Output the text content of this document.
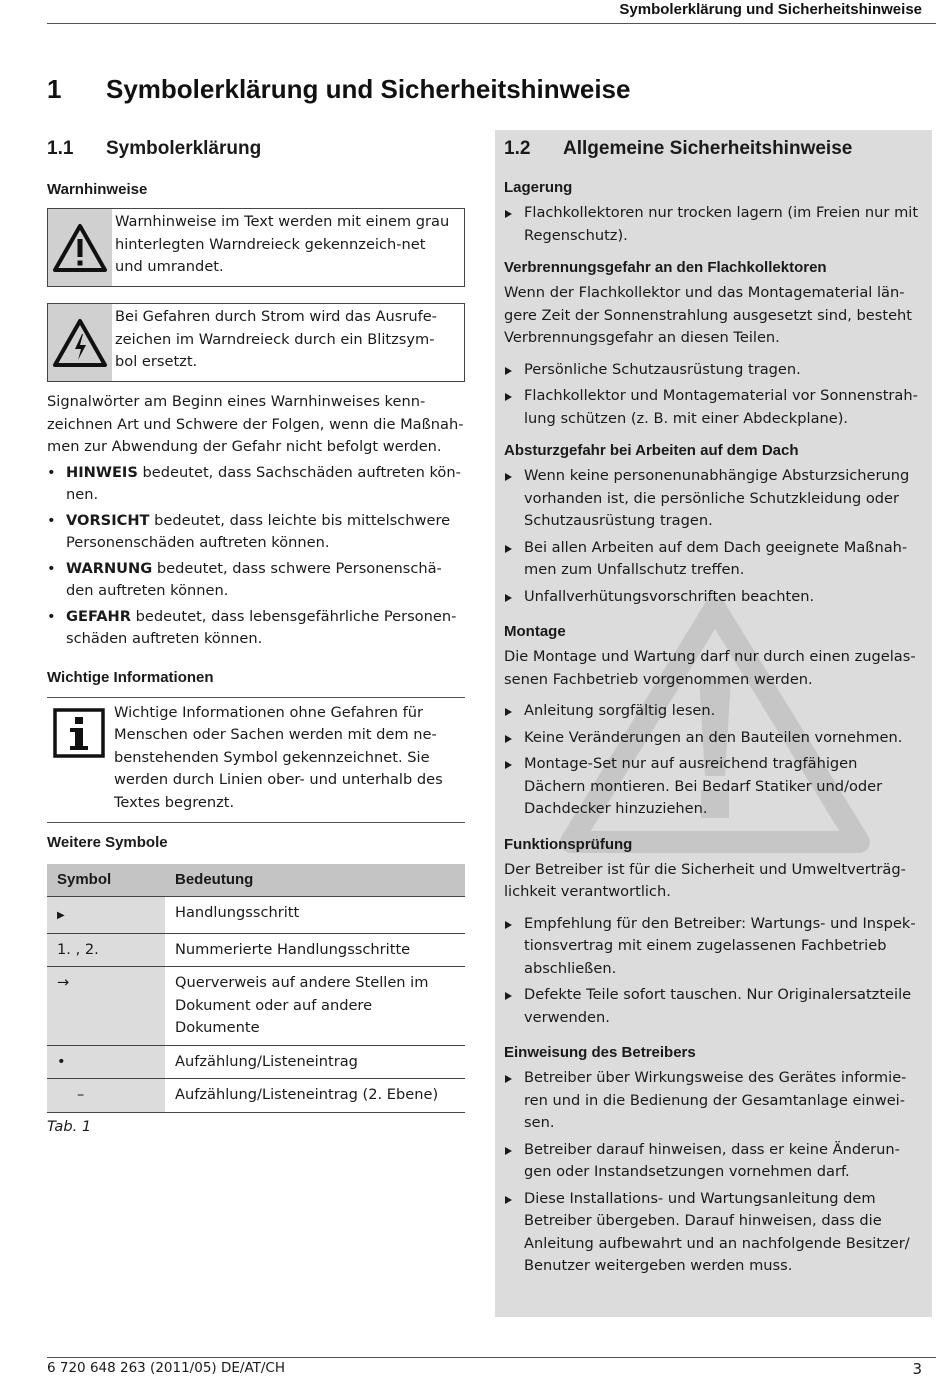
Symbolerklärung und Sicherheitshinweise
1 Symbolerklärung und Sicherheitshinweise
1.1 Symbolerklärung
Warnhinweise
Warnhinweise im Text werden mit einem grau hinterlegten Warndreieck gekennzeich-net und umrandet.
Bei Gefahren durch Strom wird das Ausrufe-zeichen im Warndreieck durch ein Blitzsym-bol ersetzt.

Signalwörter am Beginn eines Warnhinweises kenn-zeichnen Art und Schwere der Folgen, wenn die Maßnah-men zur Abwendung der Gefahr nicht befolgt werden.

• HINWEIS bedeutet, dass Sachschäden auftreten kön-nen.
• VORSICHT bedeutet, dass leichte bis mittelschwere Personenschäden auftreten können.
• WARNUNG bedeutet, dass schwere Personenschä-den auftreten können.
• GEFAHR bedeutet, dass lebensgefährliche Personen-schäden auftreten können.
Wichtige Informationen
Wichtige Informationen ohne Gefahren für Menschen oder Sachen werden mit dem ne-benstehenden Symbol gekennzeichnet. Sie werden durch Linien ober- und unterhalb des Textes begrenzt.
Weitere Symbole
Symbol	Bedeutung
▶	Handlungsschritt
1. , 2.	Nummerierte Handlungsschritte
→	Querverweis auf andere Stellen im Dokument oder auf andere Dokumente
•	Aufzählung/Listeneintrag
–	Aufzählung/Listeneintrag (2. Ebene)
Tab. 1
1.2 Allgemeine Sicherheitshinweise
Lagerung
Flachkollektoren nur trocken lagern (im Freien nur mit Regenschutz).
Verbrennungsgefahr an den Flachkollektoren

Wenn der Flachkollektor und das Montagematerial län-gere Zeit der Sonnenstrahlung ausgesetzt sind, besteht Verbrennungsgefahr an diesen Teilen.

Persönliche Schutzausrüstung tragen.
Flachkollektor und Montagematerial vor Sonnenstrah-lung schützen (z. B. mit einer Abdeckplane).
Absturzgefahr bei Arbeiten auf dem Dach
Wenn keine personenunabhängige Absturzsicherung vorhanden ist, die persönliche Schutzkleidung oder Schutzausrüstung tragen.
Bei allen Arbeiten auf dem Dach geeignete Maßnah-men zum Unfallschutz treffen.
Unfallverhütungsvorschriften beachten.
Montage

Die Montage und Wartung darf nur durch einen zugelas-senen Fachbetrieb vorgenommen werden.

Anleitung sorgfältig lesen.
Keine Veränderungen an den Bauteilen vornehmen.
Montage-Set nur auf ausreichend tragfähigen Dächern montieren. Bei Bedarf Statiker und/oder Dachdecker hinzuziehen.
Funktionsprüfung

Der Betreiber ist für die Sicherheit und Umweltverträg-lichkeit verantwortlich.

Empfehlung für den Betreiber: Wartungs- und Inspek-tionsvertrag mit einem zugelassenen Fachbetrieb abschließen.
Defekte Teile sofort tauschen. Nur Originalersatzteile verwenden.
Einweisung des Betreibers
Betreiber über Wirkungsweise des Gerätes informie-ren und in die Bedienung der Gesamtanlage einwei-sen.
Betreiber darauf hinweisen, dass er keine Änderun-gen oder Instandsetzungen vornehmen darf.
Diese Installations- und Wartungsanleitung dem Betreiber übergeben. Darauf hinweisen, dass die Anleitung aufbewahrt und an nachfolgende Besitzer/ Benutzer weitergeben werden muss.
6 720 648 263 (2011/05) DE/AT/CH	3
